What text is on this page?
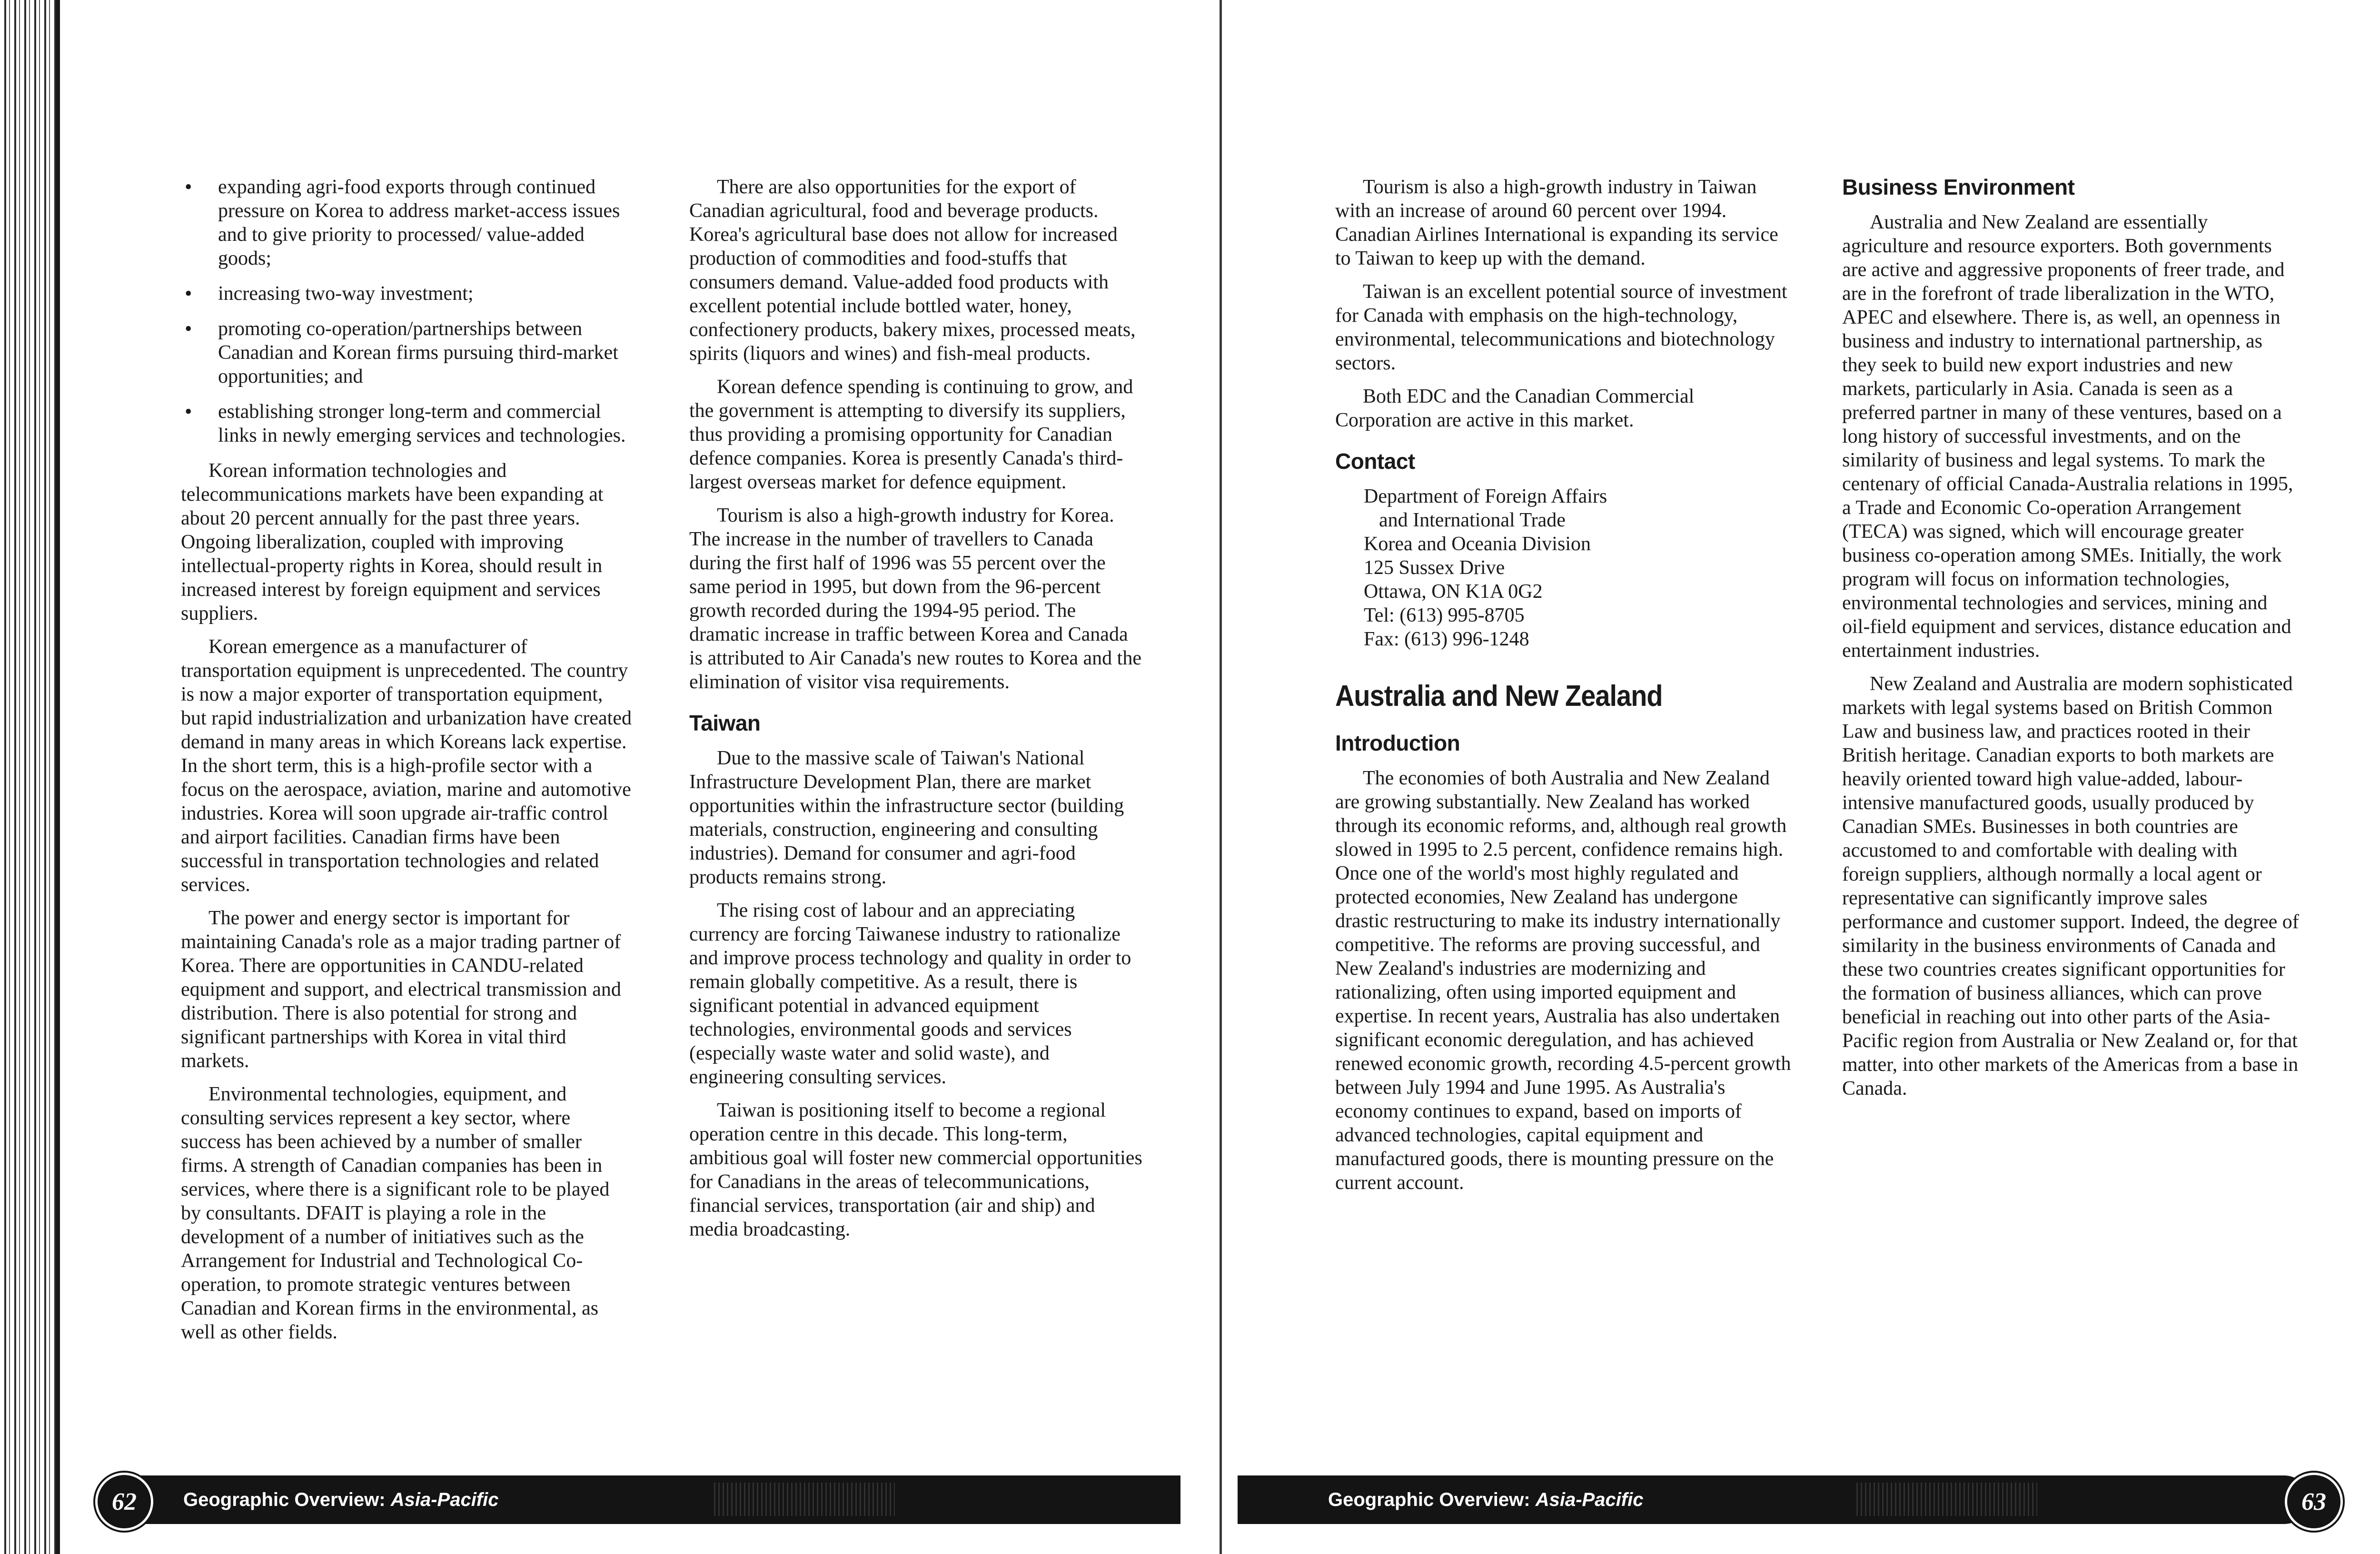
• expanding agri-food exports through continued pressure on Korea to address market-access issues and to give priority to processed/ value-added goods;
• increasing two-way investment;
• promoting co-operation/partnerships between Canadian and Korean firms pursuing third-market opportunities; and
• establishing stronger long-term and commercial links in newly emerging services and technologies.

Korean information technologies and telecommunications markets have been expanding at about 20 percent annually for the past three years. Ongoing liberalization, coupled with improving intellectual-property rights in Korea, should result in increased interest by foreign equipment and services suppliers.

Korean emergence as a manufacturer of transportation equipment is unprecedented. The country is now a major exporter of transportation equipment, but rapid industrialization and urbanization have created demand in many areas in which Koreans lack expertise. In the short term, this is a high-profile sector with a focus on the aerospace, aviation, marine and automotive industries. Korea will soon upgrade air-traffic control and airport facilities. Canadian firms have been successful in transportation technologies and related services.

The power and energy sector is important for maintaining Canada's role as a major trading partner of Korea. There are opportunities in CANDU-related equipment and support, and electrical transmission and distribution. There is also potential for strong and significant partnerships with Korea in vital third markets.

Environmental technologies, equipment, and consulting services represent a key sector, where success has been achieved by a number of smaller firms. A strength of Canadian companies has been in services, where there is a significant role to be played by consultants. DFAIT is playing a role in the development of a number of initiatives such as the Arrangement for Industrial and Technological Co-operation, to promote strategic ventures between Canadian and Korean firms in the environmental, as well as other fields.

There are also opportunities for the export of Canadian agricultural, food and beverage products. Korea's agricultural base does not allow for increased production of commodities and food-stuffs that consumers demand. Value-added food products with excellent potential include bottled water, honey, confectionery products, bakery mixes, processed meats, spirits (liquors and wines) and fish-meal products.

Korean defence spending is continuing to grow, and the government is attempting to diversify its suppliers, thus providing a promising opportunity for Canadian defence companies. Korea is presently Canada's third-largest overseas market for defence equipment.

Tourism is also a high-growth industry for Korea. The increase in the number of travellers to Canada during the first half of 1996 was 55 percent over the same period in 1995, but down from the 96-percent growth recorded during the 1994-95 period. The dramatic increase in traffic between Korea and Canada is attributed to Air Canada's new routes to Korea and the elimination of visitor visa requirements.

Taiwan

Due to the massive scale of Taiwan's National Infrastructure Development Plan, there are market opportunities within the infrastructure sector (building materials, construction, engineering and consulting industries). Demand for consumer and agri-food products remains strong.

The rising cost of labour and an appreciating currency are forcing Taiwanese industry to rationalize and improve process technology and quality in order to remain globally competitive. As a result, there is significant potential in advanced equipment technologies, environmental goods and services (especially waste water and solid waste), and engineering consulting services.

Taiwan is positioning itself to become a regional operation centre in this decade. This long-term, ambitious goal will foster new commercial opportunities for Canadians in the areas of telecommunications, financial services, transportation (air and ship) and media broadcasting.

Tourism is also a high-growth industry in Taiwan with an increase of around 60 percent over 1994. Canadian Airlines International is expanding its service to Taiwan to keep up with the demand.

Taiwan is an excellent potential source of investment for Canada with emphasis on the high-technology, environmental, telecommunications and biotechnology sectors.

Both EDC and the Canadian Commercial Corporation are active in this market.

Contact
Department of Foreign Affairs
and International Trade
Korea and Oceania Division
125 Sussex Drive
Ottawa, ON K1A 0G2
Tel: (613) 995-8705
Fax: (613) 996-1248
Australia and New Zealand
Introduction

The economies of both Australia and New Zealand are growing substantially. New Zealand has worked through its economic reforms, and, although real growth slowed in 1995 to 2.5 percent, confidence remains high. Once one of the world's most highly regulated and protected economies, New Zealand has undergone drastic restructuring to make its industry internationally competitive. The reforms are proving successful, and New Zealand's industries are modernizing and rationalizing, often using imported equipment and expertise. In recent years, Australia has also undertaken significant economic deregulation, and has achieved renewed economic growth, recording 4.5-percent growth between July 1994 and June 1995. As Australia's economy continues to expand, based on imports of advanced technologies, capital equipment and manufactured goods, there is mounting pressure on the current account.

Business Environment

Australia and New Zealand are essentially agriculture and resource exporters. Both governments are active and aggressive proponents of freer trade, and are in the forefront of trade liberalization in the WTO, APEC and elsewhere. There is, as well, an openness in business and industry to international partnership, as they seek to build new export industries and new markets, particularly in Asia. Canada is seen as a preferred partner in many of these ventures, based on a long history of successful investments, and on the similarity of business and legal systems. To mark the centenary of official Canada-Australia relations in 1995, a Trade and Economic Co-operation Arrangement (TECA) was signed, which will encourage greater business co-operation among SMEs. Initially, the work program will focus on information technologies, environmental technologies and services, mining and oil-field equipment and services, distance education and entertainment industries.

New Zealand and Australia are modern sophisticated markets with legal systems based on British Common Law and business law, and practices rooted in their British heritage. Canadian exports to both markets are heavily oriented toward high value-added, labour-intensive manufactured goods, usually produced by Canadian SMEs. Businesses in both countries are accustomed to and comfortable with dealing with foreign suppliers, although normally a local agent or representative can significantly improve sales performance and customer support. Indeed, the degree of similarity in the business environments of Canada and these two countries creates significant opportunities for the formation of business alliances, which can prove beneficial in reaching out into other parts of the Asia-Pacific region from Australia or New Zealand or, for that matter, into other markets of the Americas from a base in Canada.

Geographic Overview: Asia-Pacific
62	Geographic Overview: Asia-Pacific	63
